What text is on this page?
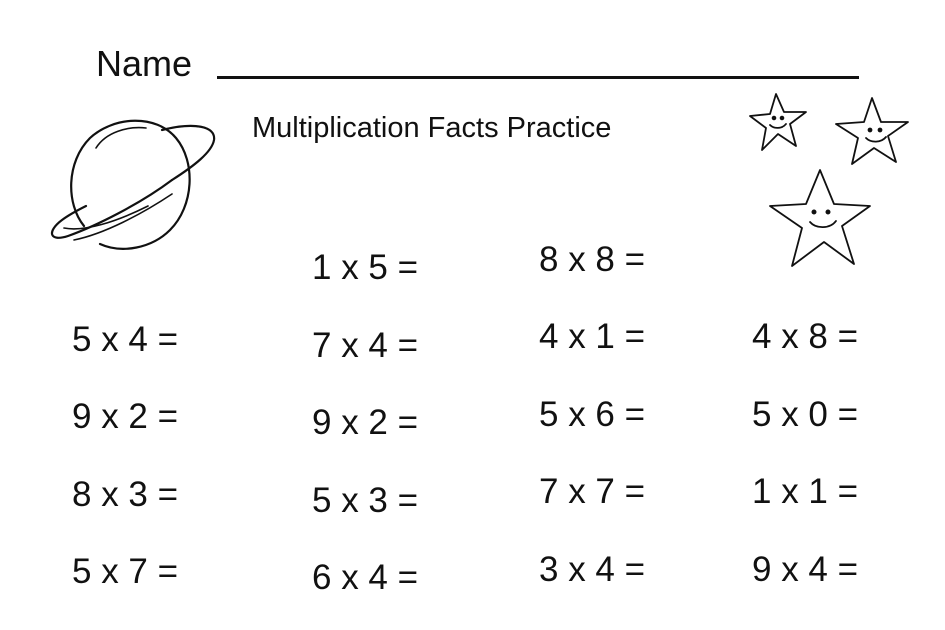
Name
Multiplication Facts Practice
5 x 4 =
9 x 2 =
8 x 3 =
5 x 7 =
1 x 5 =
7 x 4 =
9 x 2 =
5 x 3 =
6 x 4 =
8 x 8 =
4 x 1 =
5 x 6 =
7 x 7 =
3 x 4 =
4 x 8 =
5 x 0 =
1 x 1 =
9 x 4 =
